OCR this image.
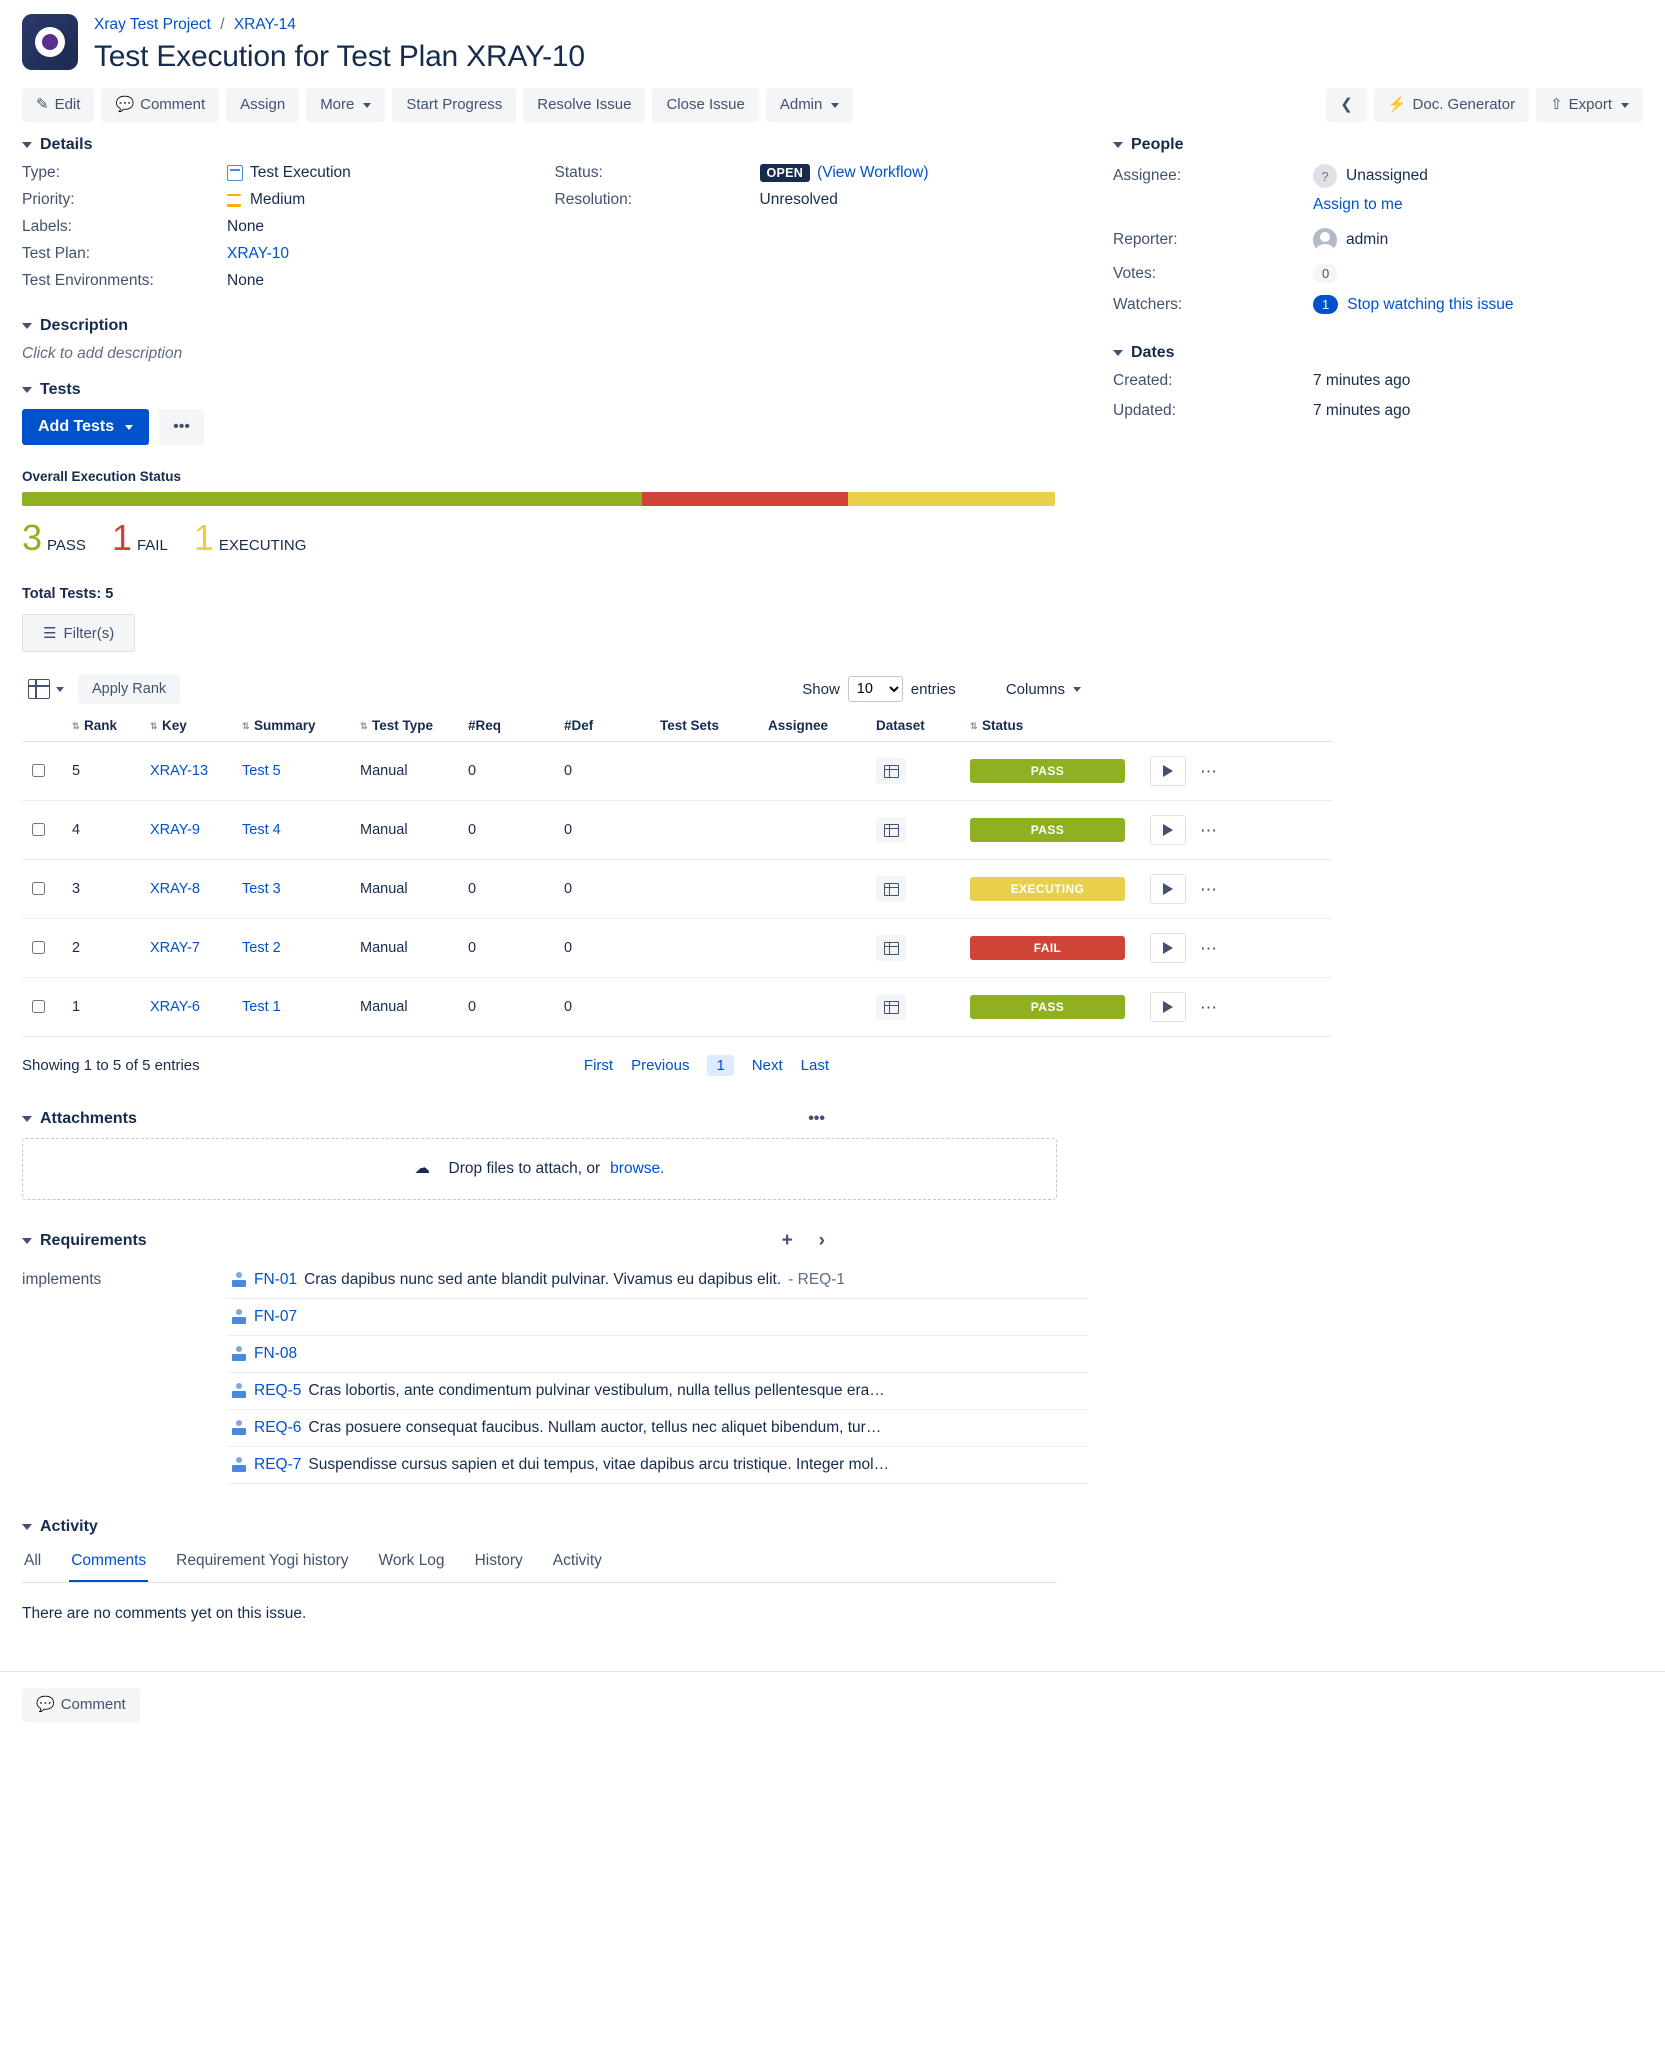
Xray Test Project / XRAY-14
Test Execution for Test Plan XRAY-10
✎ Edit 💬 Comment Assign More	Start Progress Resolve Issue Close Issue Admin	❮ ⚡ Doc. Generator ⇧ Export
Details
Type:	Test Execution
Priority:	Medium
Labels:	None
Test Plan:	XRAY-10
Test Environments:	None
Status:	OPEN (View Workflow)
Resolution:	Unresolved
Description
Click to add description
Tests
Add Tests	•••
Overall Execution Status
3 PASS 1 FAIL 1 EXECUTING
Total Tests: 5
☰ Filter(s)
Apply Rank	Show
10	entries	Columns
	⇅ Rank	⇅ Key	⇅ Summary	⇅ Test Type	#Req	#Def	Test Sets	Assignee	Dataset	⇅ Status	
	5	XRAY-13	Test 5	Manual	0	0				PASS	⋯
	4	XRAY-9	Test 4	Manual	0	0				PASS	⋯
	3	XRAY-8	Test 3	Manual	0	0				EXECUTING	⋯
	2	XRAY-7	Test 2	Manual	0	0				FAIL	⋯
	1	XRAY-6	Test 1	Manual	0	0				PASS	⋯
Showing 1 to 5 of 5 entries	First Previous	1	Next Last
Attachments	•••
☁	Drop files to attach, or browse.
Requirements	+ ›
implements	FN-01 Cras dapibus nunc sed ante blandit pulvinar. Vivamus eu dapibus elit. - REQ-1
FN-07
FN-08
REQ-5 Cras lobortis, ante condimentum pulvinar vestibulum, nulla tellus pellentesque era…
REQ-6 Cras posuere consequat faucibus. Nullam auctor, tellus nec aliquet bibendum, tur…
REQ-7 Suspendisse cursus sapien et dui tempus, vitae dapibus arcu tristique. Integer mol…
Activity
All Comments Requirement Yogi history Work Log History Activity
There are no comments yet on this issue.
People
Assignee:	?	Unassigned
Assign to me
Reporter:	admin
Votes:	0
Watchers:	1	Stop watching this issue
Dates
Created:	7 minutes ago
Updated:	7 minutes ago
💬 Comment
